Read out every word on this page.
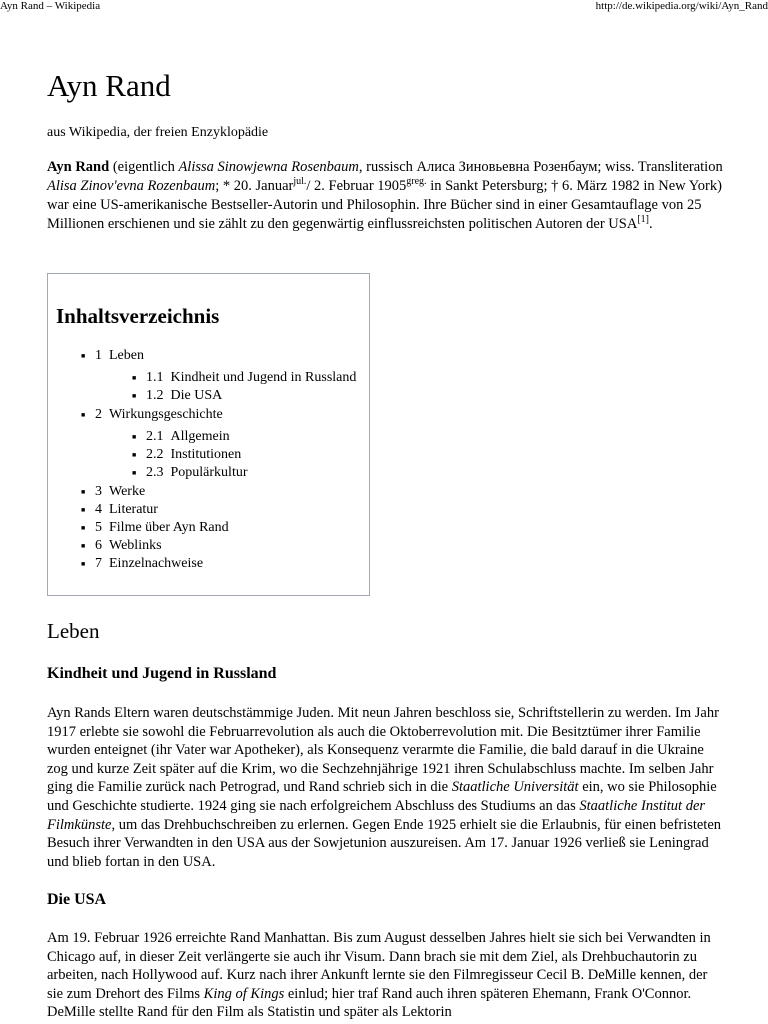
Ayn Rand – Wikipedia	http://de.wikipedia.org/wiki/Ayn_Rand
Ayn Rand
aus Wikipedia, der freien Enzyklopädie

Ayn Rand (eigentlich Alissa Sinowjewna Rosenbaum, russisch Алиса Зиновьевна Розенбаум; wiss. Transliteration Alisa Zinov'evna Rozenbaum; * 20. Januar$^{jul.}$/ 2. Februar $1905^{greg.}$ in Sankt Petersburg; † 6. März 1982 in New York) war eine US-amerikanische Bestseller-Autorin und Philosophin. Ihre Bücher sind in einer Gesamtauflage von 25 Millionen erschienen und sie zählt zu den gegenwärtig einflussreichsten politischen Autoren der USA[1].

Inhaltsverzeichnis
■ 1 Leben
■ 1.1 Kindheit und Jugend in Russland
■ 1.2 Die USA
■ 2 Wirkungsgeschichte
■ 2.1 Allgemein
■ 2.2 Institutionen
■ 2.3 Populärkultur
■ 3 Werke
■ 4 Literatur
■ 5 Filme über Ayn Rand
■ 6 Weblinks
■ 7 Einzelnachweise
Leben
Kindheit und Jugend in Russland

Ayn Rands Eltern waren deutschstämmige Juden. Mit neun Jahren beschloss sie, Schriftstellerin zu werden. Im Jahr 1917 erlebte sie sowohl die Februarrevolution als auch die Oktoberrevolution mit. Die Besitztümer ihrer Familie wurden enteignet (ihr Vater war Apotheker), als Konsequenz verarmte die Familie, die bald darauf in die Ukraine zog und kurze Zeit später auf die Krim, wo die Sechzehnjährige 1921 ihren Schulabschluss machte. Im selben Jahr ging die Familie zurück nach Petrograd, und Rand schrieb sich in die Staatliche Universität ein, wo sie Philosophie und Geschichte studierte. 1924 ging sie nach erfolgreichem Abschluss des Studiums an das Staatliche Institut der Filmkünste, um das Drehbuchschreiben zu erlernen. Gegen Ende 1925 erhielt sie die Erlaubnis, für einen befristeten Besuch ihrer Verwandten in den USA aus der Sowjetunion auszureisen. Am 17. Januar 1926 verließ sie Leningrad und blieb fortan in den USA.

Die USA

Am 19. Februar 1926 erreichte Rand Manhattan. Bis zum August desselben Jahres hielt sie sich bei Verwandten in Chicago auf, in dieser Zeit verlängerte sie auch ihr Visum. Dann brach sie mit dem Ziel, als Drehbuchautorin zu arbeiten, nach Hollywood auf. Kurz nach ihrer Ankunft lernte sie den Filmregisseur Cecil B. DeMille kennen, der sie zum Drehort des Films King of Kings einlud; hier traf Rand auch ihren späteren Ehemann, Frank O'Connor. DeMille stellte Rand für den Film als Statistin und später als Lektorin
